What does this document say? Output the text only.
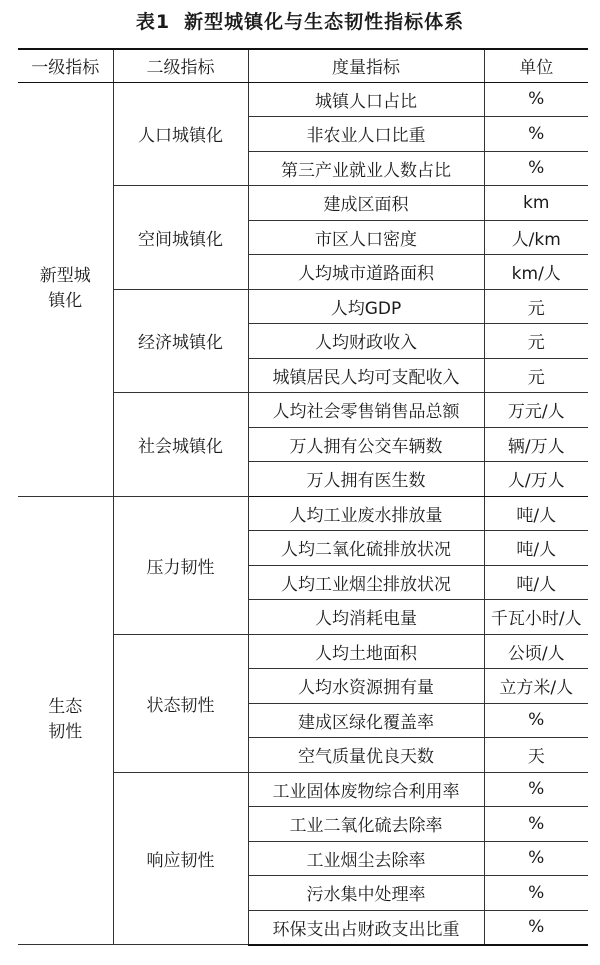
表1 新型城镇化与生态韧性指标体系
一级指标	二级指标	度量指标	单位

新型城
镇化	人口城镇化	城镇人口占比	%
		非农业人口比重	%
		第三产业就业人数占比	%
	空间城镇化	建成区面积	km
		市区人口密度	人/km
		人均城市道路面积	km/人
	经济城镇化	人均GDP	元
		人均财政收入	元
		城镇居民人均可支配收入	元
	社会城镇化	人均社会零售销售品总额	万元/人
		万人拥有公交车辆数	辆/万人
		万人拥有医生数	人/万人

生态
韧性	压力韧性	人均工业废水排放量	吨/人
		人均二氧化硫排放状况	吨/人
		人均工业烟尘排放状况	吨/人
		人均消耗电量	千瓦小时/人
	状态韧性	人均土地面积	公顷/人
		人均水资源拥有量	立方米/人
		建成区绿化覆盖率	%
		空气质量优良天数	天
	响应韧性	工业固体废物综合利用率	%
		工业二氧化硫去除率	%
		工业烟尘去除率	%
		污水集中处理率	%
		环保支出占财政支出比重	%
